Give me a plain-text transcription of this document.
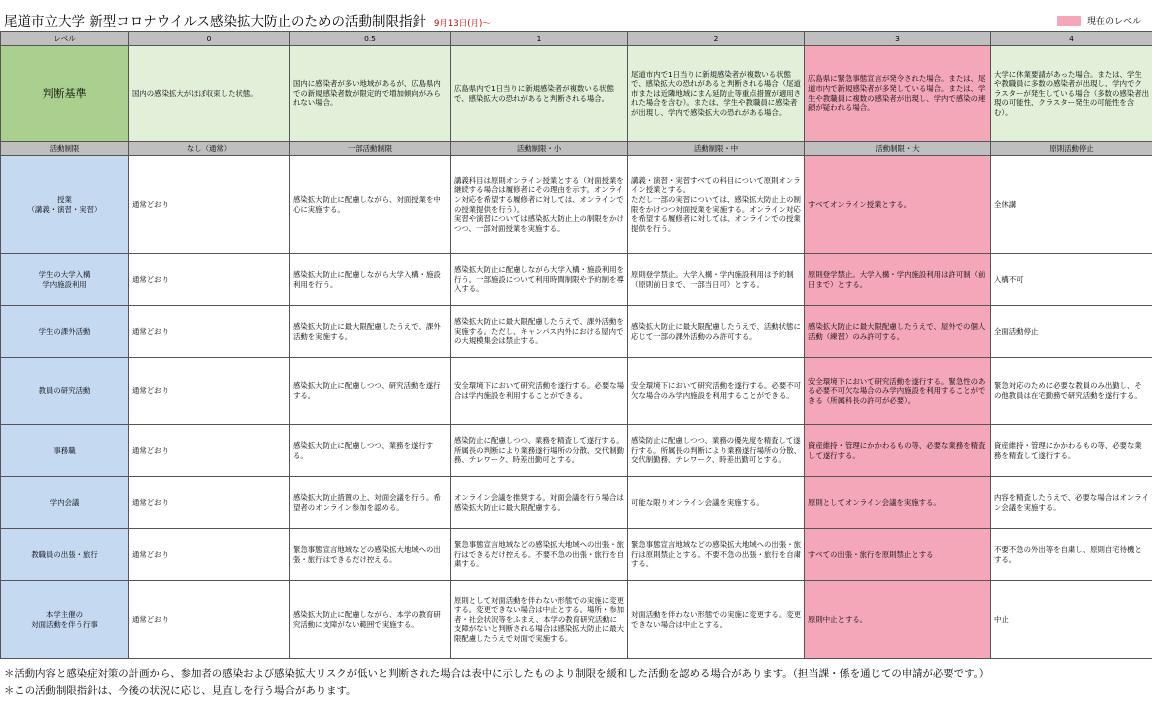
尾道市立大学 新型コロナウイルス感染拡大防止のための活動制限指針 9月13日(月)～	現在のレベル
レベル	0	0.5	1	2	3	4
判断基準	国内の感染拡大がほぼ収束した状態。	国内に感染者が多い地域があるが、広島県内での新規感染者数が限定的で増加傾向がみられない場合。	広島県内で1日当りに新規感染者が複数いる状態で、感染拡大の恐れがあると判断される場合。	尾道市内で1日当りに新規感染者が複数いる状態で、感染拡大の恐れがあると判断される場合（尾道市または近隣地域にまん延防止等重点措置が適用された場合を含む）。または、学生や教職員に感染者が出現し、学内で感染拡大の恐れがある場合。	広島県に緊急事態宣言が発令された場合。または、尾道市内で新規感染者が多発している場合。または、学生や教職員に複数の感染者が出現し、学内で感染の連鎖が疑われる場合。	大学に休業要請があった場合。または、学生や教職員に多数の感染者が出現し、学内でクラスターが発生している場合（多数の感染者出現の可能性、クラスター発生の可能性を含む）。
活動制限	なし（通常）	一部活動制限	活動制限・小	活動制限・中	活動制限・大	原則活動停止
授業
（講義・演習・実習）	通常どおり	感染拡大防止に配慮しながら、対面授業を中心に実施する。	講義科目は原則オンライン授業とする（対面授業を継続する場合は履修者にその理由を示す。オンライン対応を希望する履修者に対しては、オンラインでの授業提供を行う）。
実習や演習については感染拡大防止上の制限をかけつつ、一部対面授業を実施する。	講義・演習・実習すべての科目について原則オンライン授業とする。
ただし一部の実習については、感染拡大防止上の制限をかけつつ対面授業を実施する。オンライン対応を希望する履修者に対しては、オンラインでの授業提供を行う。	すべてオンライン授業とする。	全休講
学生の大学入構
学内施設利用	通常どおり	感染拡大防止に配慮しながら大学入構・施設利用を行う。	感染拡大防止に配慮しながら大学入構・施設利用を行う。一部施設について利用時間制限や予約制を導入する。	原則登学禁止。大学入構・学内施設利用は予約制（原則前日まで、一部当日可）とする。	原則登学禁止。大学入構・学内施設利用は許可制（前日まで）とする。	入構不可
学生の課外活動	通常どおり	感染拡大防止に最大限配慮したうえで、課外活動を実施する。	感染拡大防止に最大限配慮したうえで、課外活動を実施する。ただし、キャンパス内外における屋内での大規模集会は禁止する。	感染拡大防止に最大限配慮したうえで、活動状態に応じて一部の課外活動のみ許可する。	感染拡大防止に最大限配慮したうえで、屋外での個人活動（練習）のみ許可する。	全面活動停止
教員の研究活動	通常どおり	感染拡大防止に配慮しつつ、研究活動を遂行する。	安全環境下において研究活動を遂行する。必要な場合は学内施設を利用することができる。	安全環境下において研究活動を遂行する。必要不可欠な場合のみ学内施設を利用することができる。	安全環境下において研究活動を遂行する。緊急性のある必要不可欠な場合のみ学内施設を利用することができる（所属科長の許可が必要）。	緊急対応のために必要な教員のみ出勤し、その他教員は在宅勤務で研究活動を遂行する。
事務職	通常どおり	感染拡大防止に配慮しつつ、業務を遂行する。	感染防止に配慮しつつ、業務を精査して遂行する。所属長の判断により業務遂行場所の分散、交代制勤務、テレワーク、時差出勤可とする。	感染防止に配慮しつつ、業務の優先度を精査して遂行する。所属長の判断により業務遂行場所の分散、交代制勤務、テレワーク、時差出勤可とする。	資産維持・管理にかかわるもの等、必要な業務を精査して遂行する。	資産維持・管理にかかわるもの等、必要な業務を精査して遂行する。
学内会議	通常どおり	感染拡大防止措置の上、対面会議を行う。希望者のオンライン参加を認める。	オンライン会議を推奨する。対面会議を行う場合は感染拡大防止に最大限配慮する。	可能な限りオンライン会議を実施する。	原則としてオンライン会議を実施する。	内容を精査したうえで、必要な場合はオンライン会議を実施する。
教職員の出張・旅行	通常どおり	緊急事態宣言地域などの感染拡大地域への出張・旅行はできるだけ控える。	緊急事態宣言地域などの感染拡大地域への出張・旅行はできるだけ控える。不要不急の出張・旅行を自粛する。	緊急事態宣言地域などの感染拡大地域への出張・旅行は原則禁止とする。不要不急の出張・旅行を自粛する。	すべての出張・旅行を原則禁止とする	不要不急の外出等を自粛し、原則自宅待機とする。
本学主催の
対面活動を伴う行事	通常どおり	感染拡大防止に配慮しながら、本学の教育研究活動に支障がない範囲で実施する。	原則として対面活動を伴わない形態での実施に変更する。変更できない場合は中止とする。場所・参加者・社会状況等をふまえ、本学の教育研究活動に支障がないと判断される場合は感染拡大防止に最大限配慮したうえで対面で実施する。	対面活動を伴わない形態での実施に変更する。変更できない場合は中止とする。	原則中止とする。	中止
＊活動内容と感染症対策の計画から、参加者の感染および感染拡大リスクが低いと判断された場合は表中に示したものより制限を緩和した活動を認める場合があります。（担当課・係を通じての申請が必要です。）
＊この活動制限指針は、今後の状況に応じ、見直しを行う場合があります。
